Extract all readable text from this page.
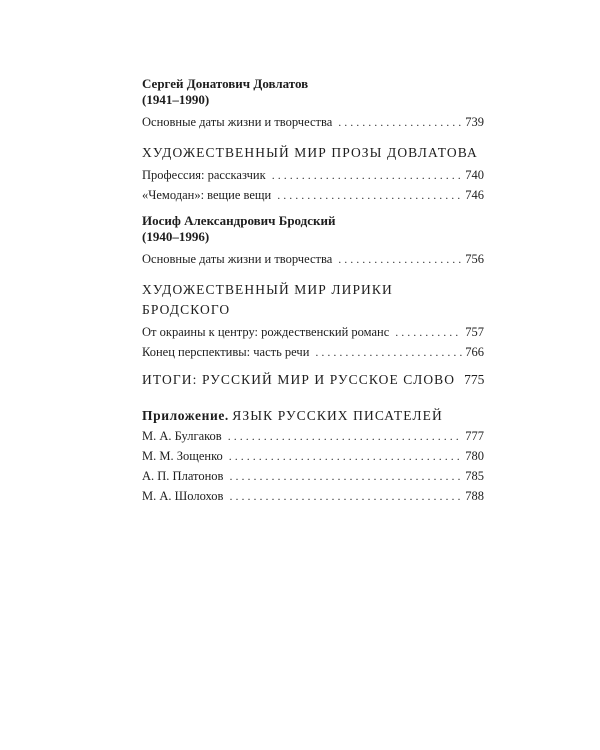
Сергей Донатович Довлатов
(1941–1990)
Основные даты жизни и творчества . . .	739
ХУДОЖЕСТВЕННЫЙ МИР ПРОЗЫ ДОВЛАТОВА
Профессия: рассказчик . . .	740
«Чемодан»: вещие вещи . . .	746
Иосиф Александрович Бродский
(1940–1996)
Основные даты жизни и творчества . . .	756
ХУДОЖЕСТВЕННЫЙ МИР ЛИРИКИ БРОДСКОГО
От окраины к центру: рождественский романс . . .	757
Конец перспективы: часть речи . . .	766
ИТОГИ: РУССКИЙ МИР И РУССКОЕ СЛОВО 775
Приложение. ЯЗЫК РУССКИХ ПИСАТЕЛЕЙ
М. А. Булгаков . . .	777
М. М. Зощенко . . .	780
А. П. Платонов . . .	785
М. А. Шолохов . . .	788
